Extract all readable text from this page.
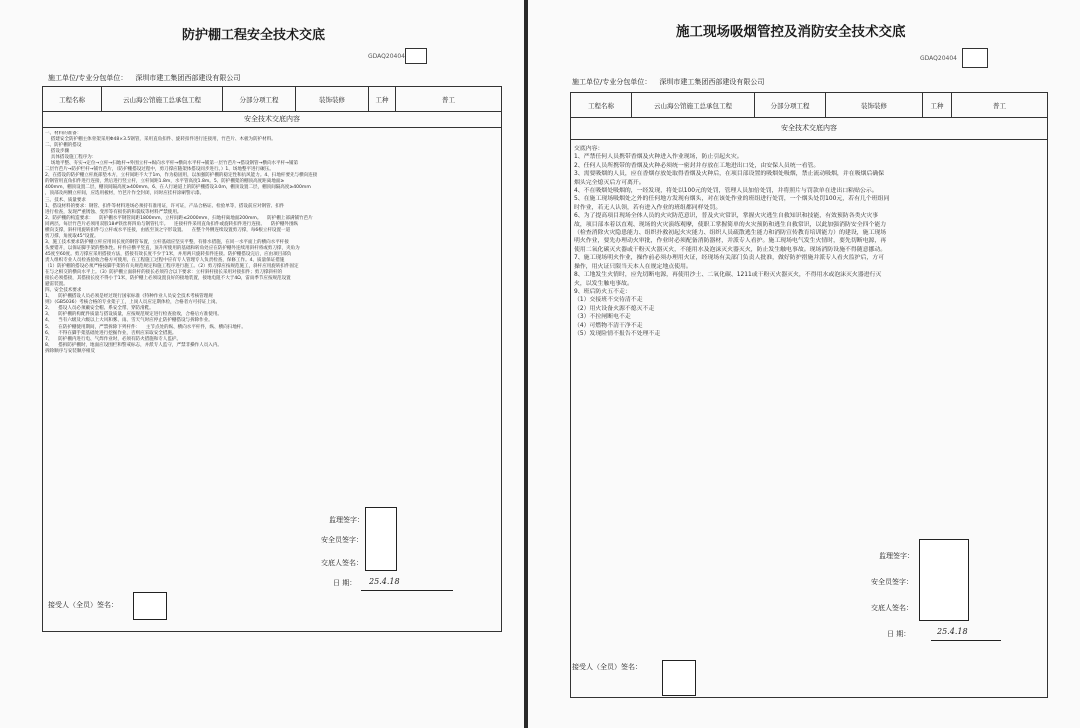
防护棚工程安全技术交底
GDAQ20404
施工单位/专业分包单位： 深圳市建工集团西部建设有限公司
工程名称	云山海公馆施工总承包工程	分部分项工程	装饰装修	工种	普工
安全技术交底内容
一、材料的准备：
搭建安全防护棚主体骨架采用Φ48×3.5钢管，采用直角扣件、旋转扣件进行连接用，竹芭片、木板为防护材料。
二、防护棚的搭设
搭设步骤
具体搭设施工程序为：
场地平整、夯实→定位→立杆→扫地杆→外围立杆→纵向水平杆→横向水平杆→铺第一层竹芭片→搭设钢管→横向水平杆→铺第
二层竹芭片→防护栏杆→铺竹芭片，（防护棚搭设过程中，剪刀撑应随架体搭设同步进行。）1、场地整平进行碾压。
2、在搭设的防护棚立杆底部垫木方，立杆间距不大于1m，作为稳固用，以加强防护棚的稳定性和抗风能力。4、扫地杆要先与横向连接
的钢管用直角扣件进行连接，然后进行竖立杆，立杆间距1.8m，水平管高度1.8m。5、防护棚架的棚顶高度距离地面≥
400mm，棚顶设置二层，棚顶间隔高度≥400mm。6、在人行通道上的防护棚搭设3.0m，棚顶设置二层，棚顶间隔高度≥400mm
，顶部及两侧立杆间，应选用板材，竹芭片作全封闭，同时应挂杆涂刷警示漆。
三、技术、质量要求
1、搭设材料的要求：钢管、扣件等材料进场必须持有准用证，许可证，产品合格证、检验单等，搭设前应对钢管、扣件
进行检查，发现严重锈蚀、变形等有损伤的和裂纹等材料严禁使用。
2、防护棚的构造要求：    防护棚水平钢管间距1800mm，立杆间距≤2000mm，扫地杆离地面200mm。    防护棚上部满铺竹芭片
同两层。每层竹芭片必须用双股18#铁丝将四角与钢管扎牢。    连接杆件采用直角扣件或旋转扣件进行连接。    防护棚外围纵
横向支撑，斜杆用旋转扣件与立杆或水平连接，由底至顶之字形设置。    在整个外侧连续设置剪刀撑，每6根立杆设置一道
剪刀撑，角度取45°设置。
3、施工技术要求防护棚立杆应用同长度的钢管布置，立杆基础应坚实平整，有排水措施，在同一水平面上的横向水平杆接
头要错开，以保证脚手架的整体性。杆件应横平竖直，顶升所使用的基础和转角处应在防护棚外连续用斜杆将或剪刀撑，夹角为
45度至60度。剪刀撑应采用搭接方法，搭接有效长度不少于1米，并用两只旋转扣件连接。防护棚搭设完后，应由项目部负
责人组织专业人员检查验收合格方可使用，在工程施工过程中应有专人管理专人负责检查，保修工作。4、质量保证措施
（1）防护棚的搭设必须严格按脚手架的有关规范规定和施工程序进行施工。（2）剪刀撑应按规范施工，斜杆应用旋转扣件固定
在与之相交的横向水平上。（3）防护棚立面斜杆的接长必须符合以下要求：立杆斜杆接长采用对接扣件；剪刀撑斜杆的
接长必须搭接，其搭接长度不得小于1米，防护棚上必须设置良好的接地装置，接地电阻不大于4Ω，雷雨季节应按规范设置
避雷装置。
四、安全技术要求
1、    防护棚搭设人员必须是经过现行国家标准《特种作业人员安全技术考核管理规
则》（GB5036）考核合格的专业架子工，上岗人员应定期体检，合格者方可持证上岗。
2、    搭设人员必须戴安全帽、系安全带、穿防滑鞋。
3、    防护棚的构配件质量与搭设质量，应按规范规定进行检查验收，合格后方准使用。
4、    当有六级及六级以上大风和雾、雨、雪天气时应停止防护棚搭设与拆除作业。
5、    在防护棚使用期间，严禁拆除下列杆件：    主节点处的纵、横向水平杆件，纵、横向扫地杆。
6、    不得在脚手架基础处进行挖掘作业，否则应采取安全措施。
7、    防护棚内进行电、气焊作业时，必须有防火措施和专人监护。
8、    搭拆防护棚时，地面应设围栏和警戒标志，并派专人监守，严禁非操作人员入内。
拆除顺序与安装顺序相反
监理签字：
安全员签字：
交底人签名：
日 期： 25.4.18
接受人（全员）签名：
施工现场吸烟管控及消防安全技术交底
GDAQ20404
施工单位/专业分包单位： 深圳市建工集团西部建设有限公司
工程名称	云山海公馆施工总承包工程	分部分项工程	装饰装修	工种	普工
安全技术交底内容
交底内容：
1、严禁任何人员携带香烟及火种进入作业现场，防止引起火灾。
2、任何人员所携带的香烟及火种必须统一密封并存放在工地进出口处，由安保人员统一看管。
3、需要吸烟的人员，应在香烟存放处取得香烟及火种后，在项目部设置的吸烟处吸烟，禁止流动吸烟，并在吸烟后确保
烟头完全熄灭后方可离开。
4、不在吸烟处吸烟的，一经发现，将处以100元的处罚，管理人员加倍处罚，并将照片与罚款单在进出口粘贴公示。
5、在施工现场吸烟处之外的任何地方发现有烟头，对在该处作业的班组进行处罚，一个烟头处罚100元，若有几个班组同
时作业，若无人认领，若有进入作业的班组都同样处罚。
6、为了提高项目现场全体人员的火灾防范意识，普及火灾常识，掌握火灾逃生自救知识和技能，有效预防各类火灾事
故，项目部本着以直观、现场的火灾演练观摩，使职工掌握简单的火灾预防和逃生自救常识，以此加强消防安全四个能力
（检查消除火灾隐患能力、组织扑救初起火灾能力、组织人员疏散逃生能力和消防宣传教育培训能力）的建设，施工现场
明火作业，要先办理动火审批，作业时必须配备消防器材，并派专人看护。施工现场电气发生火情时，要先切断电源，再
使用二氧化碳灭火器或干粉灭火器灭火，不能用水及泡沫灭火器灭火，防止发生触电事故。现场消防设施不得随意挪动。
7、施工现场明火作业，操作前必须办理用火证，经现场有关部门负责人批准，做好防护措施并派专人看火监护后，方可
操作，用火证只限当天本人在规定地点使用。
8、工地发生火情时，应先切断电源，再使用沙土、二氧化碳、1211或干粉灭火器灭火，不得用水或泡沫灭火器进行灭
火，以发生触电事故。
9、班后防火五不走：
（1）交接班不交待清不走
（2）用火设备火源不熄灭不走
（3）不拉闸断电不走
（4）可燃物不清干净不走
（5）发现险情不报告不处理不走
监理签字：
安全员签字：
交底人签名：
日 期：	25.4.18
接受人（全员）签名：
